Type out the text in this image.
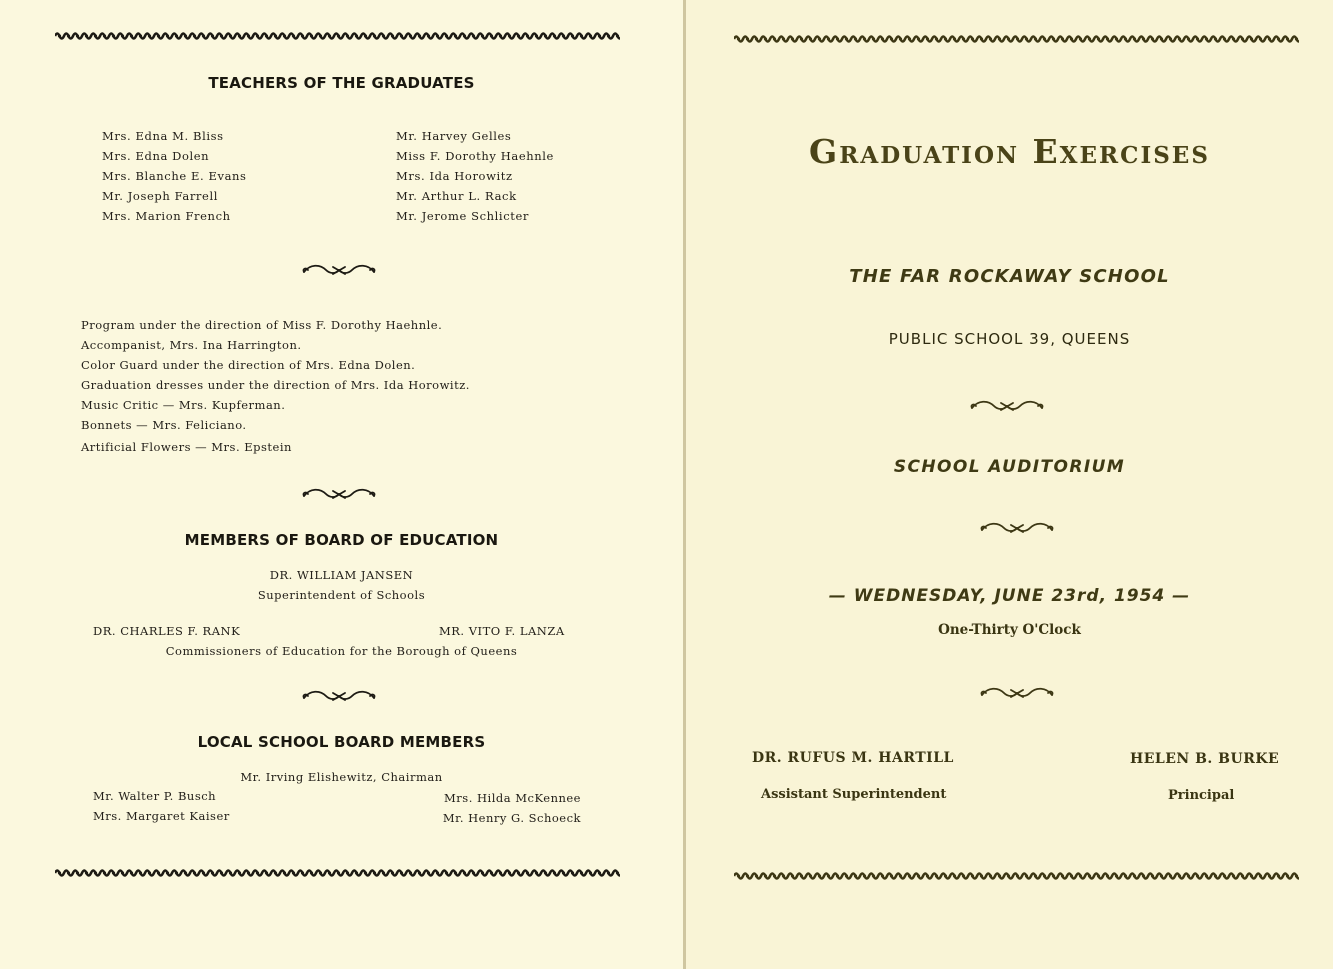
TEACHERS OF THE GRADUATES
Mrs. Edna M. Bliss
Mrs. Edna Dolen
Mrs. Blanche E. Evans
Mr. Joseph Farrell
Mrs. Marion French
Mr. Harvey Gelles
Miss F. Dorothy Haehnle
Mrs. Ida Horowitz
Mr. Arthur L. Rack
Mr. Jerome Schlicter
Program under the direction of Miss F. Dorothy Haehnle.
Accompanist, Mrs. Ina Harrington.
Color Guard under the direction of Mrs. Edna Dolen.
Graduation dresses under the direction of Mrs. Ida Horowitz.
Music Critic — Mrs. Kupferman.
Bonnets — Mrs. Feliciano.
Artificial Flowers — Mrs. Epstein
MEMBERS OF BOARD OF EDUCATION
DR. WILLIAM JANSEN
Superintendent of Schools
DR. CHARLES F. RANK	MR. VITO F. LANZA
Commissioners of Education for the Borough of Queens
LOCAL SCHOOL BOARD MEMBERS
Mr. Irving Elishewitz, Chairman
Mr. Walter P. Busch
Mrs. Margaret Kaiser
Mrs. Hilda McKennee
Mr. Henry G. Schoeck
Graduation Exercises
THE FAR ROCKAWAY SCHOOL
PUBLIC SCHOOL 39, QUEENS
SCHOOL AUDITORIUM
— WEDNESDAY, JUNE 23rd, 1954 —
One-Thirty O'Clock
DR. RUFUS M. HARTILL
Assistant Superintendent
HELEN B. BURKE
Principal
